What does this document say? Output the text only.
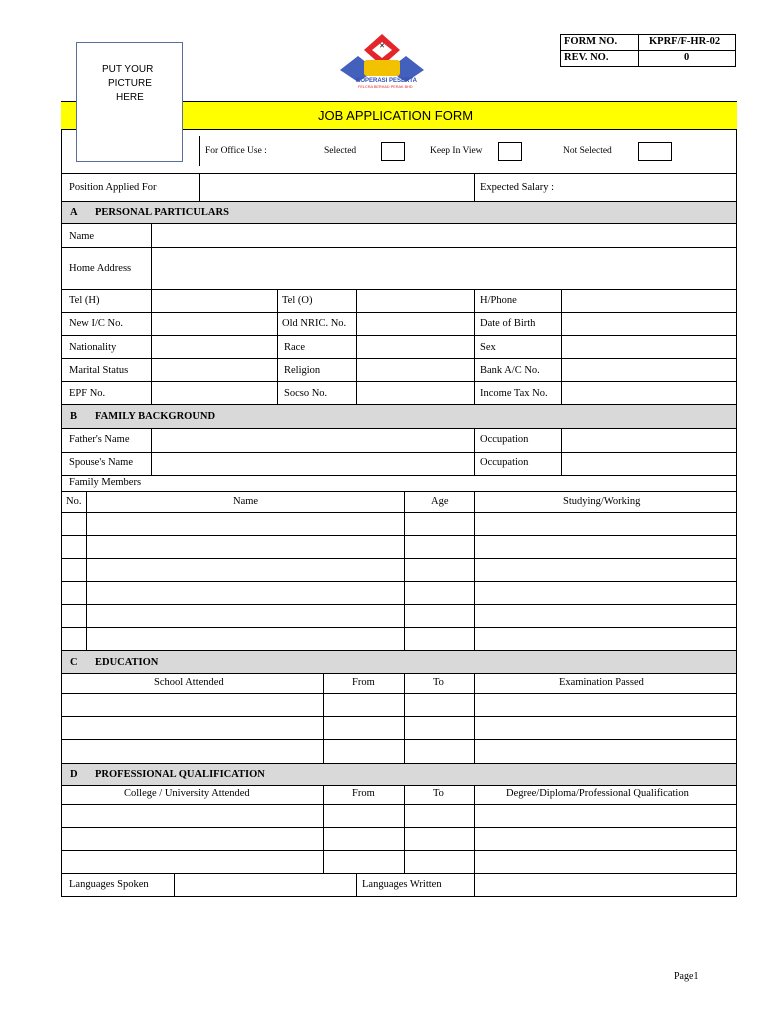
FORM NO.	KPRF/F-HR-02
REV. NO.	0
✕
KOPERASI PESERTA
FELCRA BERHAD PERAK BHD
JOB APPLICATION FORM
PUT YOUR
PICTURE
HERE
For Office Use :	Selected	Keep In View	Not Selected
Position Applied For	Expected Salary :
A PERSONAL PARTICULARS
Name
Home Address
Tel (H)	Tel (O)	H/Phone
New I/C No.	Old NRIC. No.	Date of Birth
Nationality	Race	Sex
Marital Status	Religion	Bank A/C No.
EPF No.	Socso No.	Income Tax No.
B FAMILY BACKGROUND
Father's Name	Occupation
Spouse's Name	Occupation
Family Members
No.	Name	Age	Studying/Working
C EDUCATION
School Attended	From	To	Examination Passed
D PROFESSIONAL QUALIFICATION
College / University Attended	From	To	Degree/Diploma/Professional Qualification
Languages Spoken	Languages Written
Page1
